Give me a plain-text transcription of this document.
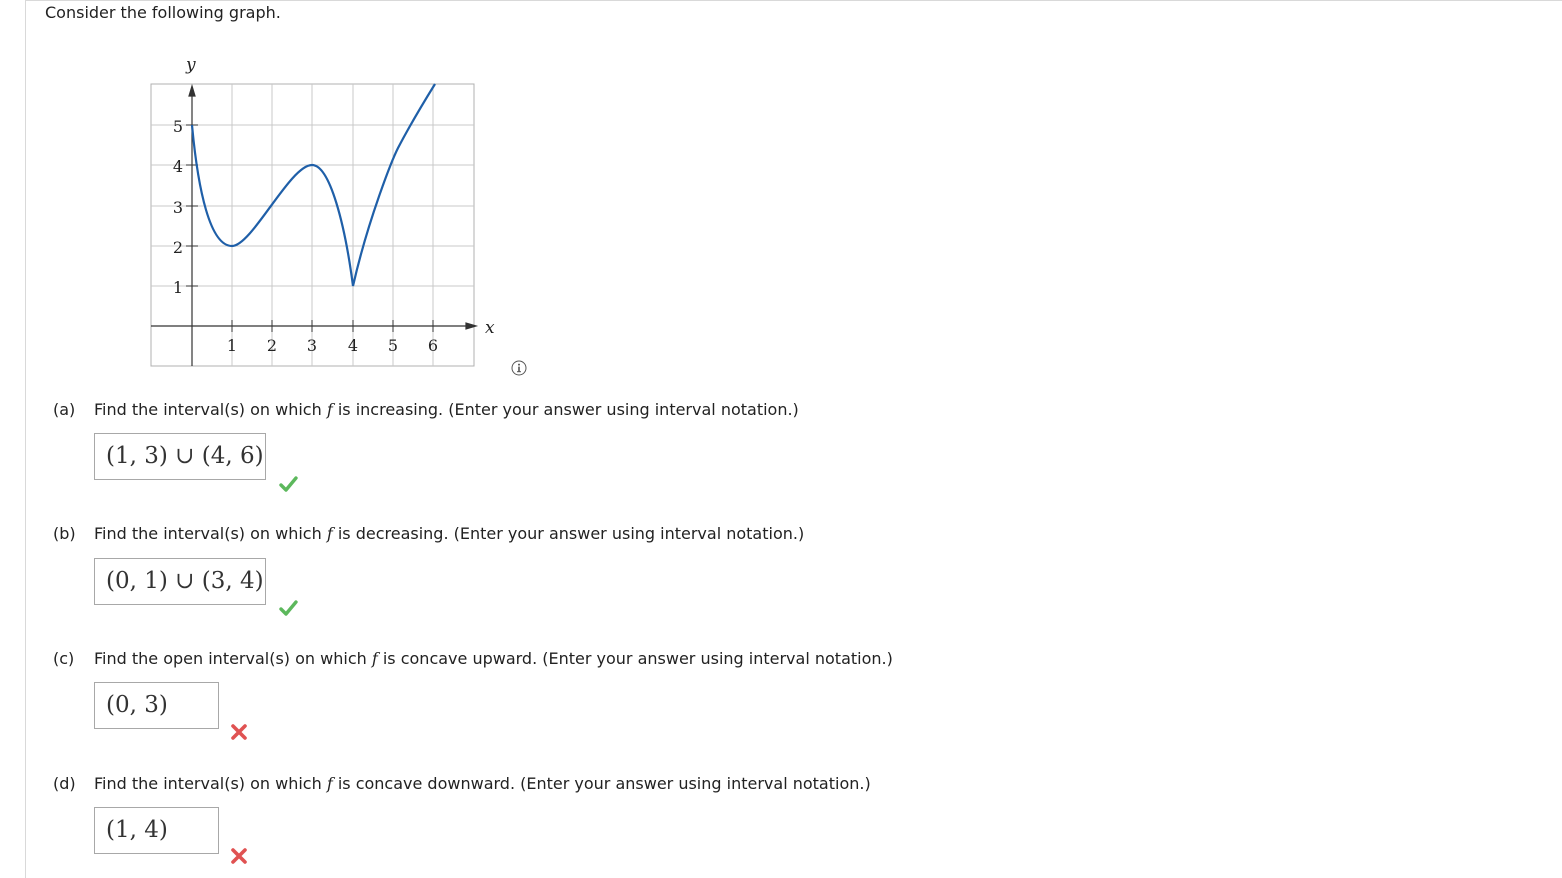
Consider the following graph.
y
x
5
4
3
2
1
1 2 3 4 5 6
(a) Find the interval(s) on which f is increasing. (Enter your answer using interval notation.)
(1, 3) ∪ (4, 6)
(b) Find the interval(s) on which f is decreasing. (Enter your answer using interval notation.)
(0, 1) ∪ (3, 4)
(c) Find the open interval(s) on which f is concave upward. (Enter your answer using interval notation.)
(0, 3)
(d) Find the interval(s) on which f is concave downward. (Enter your answer using interval notation.)
(1, 4)
